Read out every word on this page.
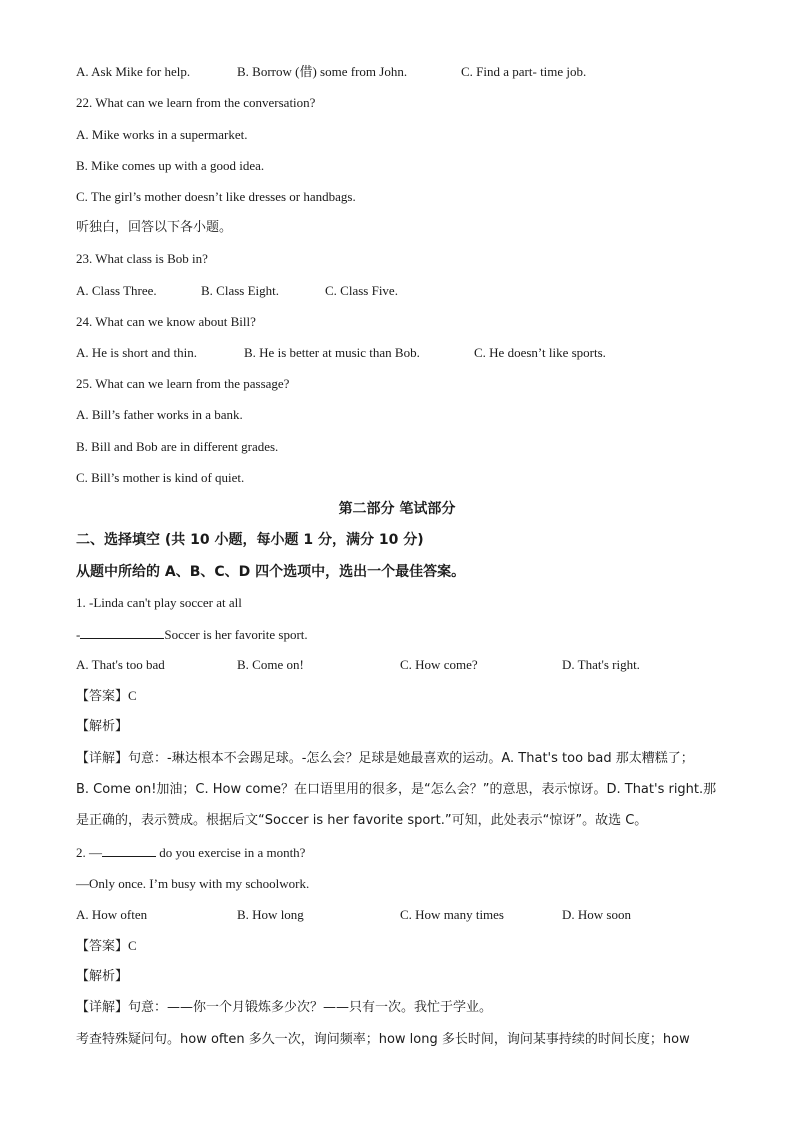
A. Ask Mike for help.	B. Borrow (借) some from John.	C. Find a part- time job.
22. What can we learn from the conversation?
A. Mike works in a supermarket.
B. Mike comes up with a good idea.
C. The girl’s mother doesn’t like dresses or handbags.
听独白，回答以下各小题。
23. What class is Bob in?
A. Class Three.	B. Class Eight.	C. Class Five.
24. What can we know about Bill?
A. He is short and thin.	B. He is better at music than Bob.	C. He doesn’t like sports.
25. What can we learn from the passage?
A. Bill’s father works in a bank.
B. Bill and Bob are in different grades.
C. Bill’s mother is kind of quiet.
第二部分 笔试部分
二、选择填空 (共 10 小题，每小题 1 分，满分 10 分)
从题中所给的 A、B、C、D 四个选项中，选出一个最佳答案。
1. -Linda can't play soccer at all
-	Soccer is her favorite sport.
A. That's too bad	B. Come on!	C. How come?	D. That's right.
【答案】C
【解析】
【详解】句意：-琳达根本不会踢足球。-怎么会？足球是她最喜欢的运动。A. That's too bad 那太糟糕了；
B. Come on!加油；C. How come？在口语里用的很多，是“怎么会？”的意思，表示惊讶。D. That's right.那
是正确的，表示赞成。根据后文“Soccer is her favorite sport.”可知，此处表示“惊讶”。故选 C。
2. —	do you exercise in a month?
—Only once. I’m busy with my schoolwork.
A. How often	B. How long	C. How many times	D. How soon
【答案】C
【解析】
【详解】句意：——你一个月锻炼多少次？——只有一次。我忙于学业。
考查特殊疑问句。how often 多久一次，询问频率；how long 多长时间，询问某事持续的时间长度；how
